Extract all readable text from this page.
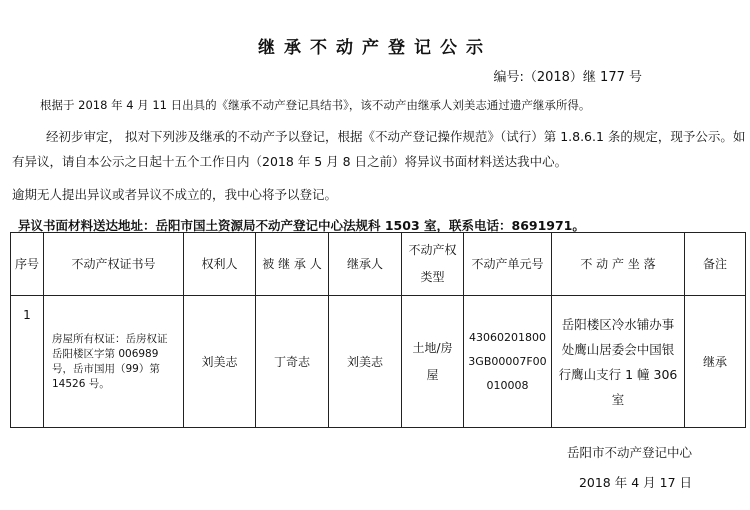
继承不动产登记公示
编号:（2018）继 177 号
根据于 2018 年 4 月 11 日出具的《继承不动产登记具结书》，该不动产由继承人刘美志通过遗产继承所得。
经初步审定， 拟对下列涉及继承的不动产予以登记，根据《不动产登记操作规范》（试行）第 1.8.6.1 条的规定，现予公示。如有异议，请自本公示之日起十五个工作日内（2018 年 5 月 8 日之前）将异议书面材料送达我中心。
逾期无人提出异议或者异议不成立的，我中心将予以登记。
异议书面材料送达地址：岳阳市国土资源局不动产登记中心法规科 1503 室，联系电话：8691971。
序号	不动产权证书号	权利人	被 继 承 人	继承人	不动产权类型	不动产单元号	不 动 产 坐 落	备注
1	房屋所有权证：岳房权证岳阳楼区字第 006989 号，岳市国用（99）第 14526 号。	刘美志	丁奇志	刘美志	土地/房屋	430602018003GB00007F00010008	岳阳楼区冷水铺办事处鹰山居委会中国银行鹰山支行 1 幢 306 室	继承
岳阳市不动产登记中心
2018 年 4 月 17 日
